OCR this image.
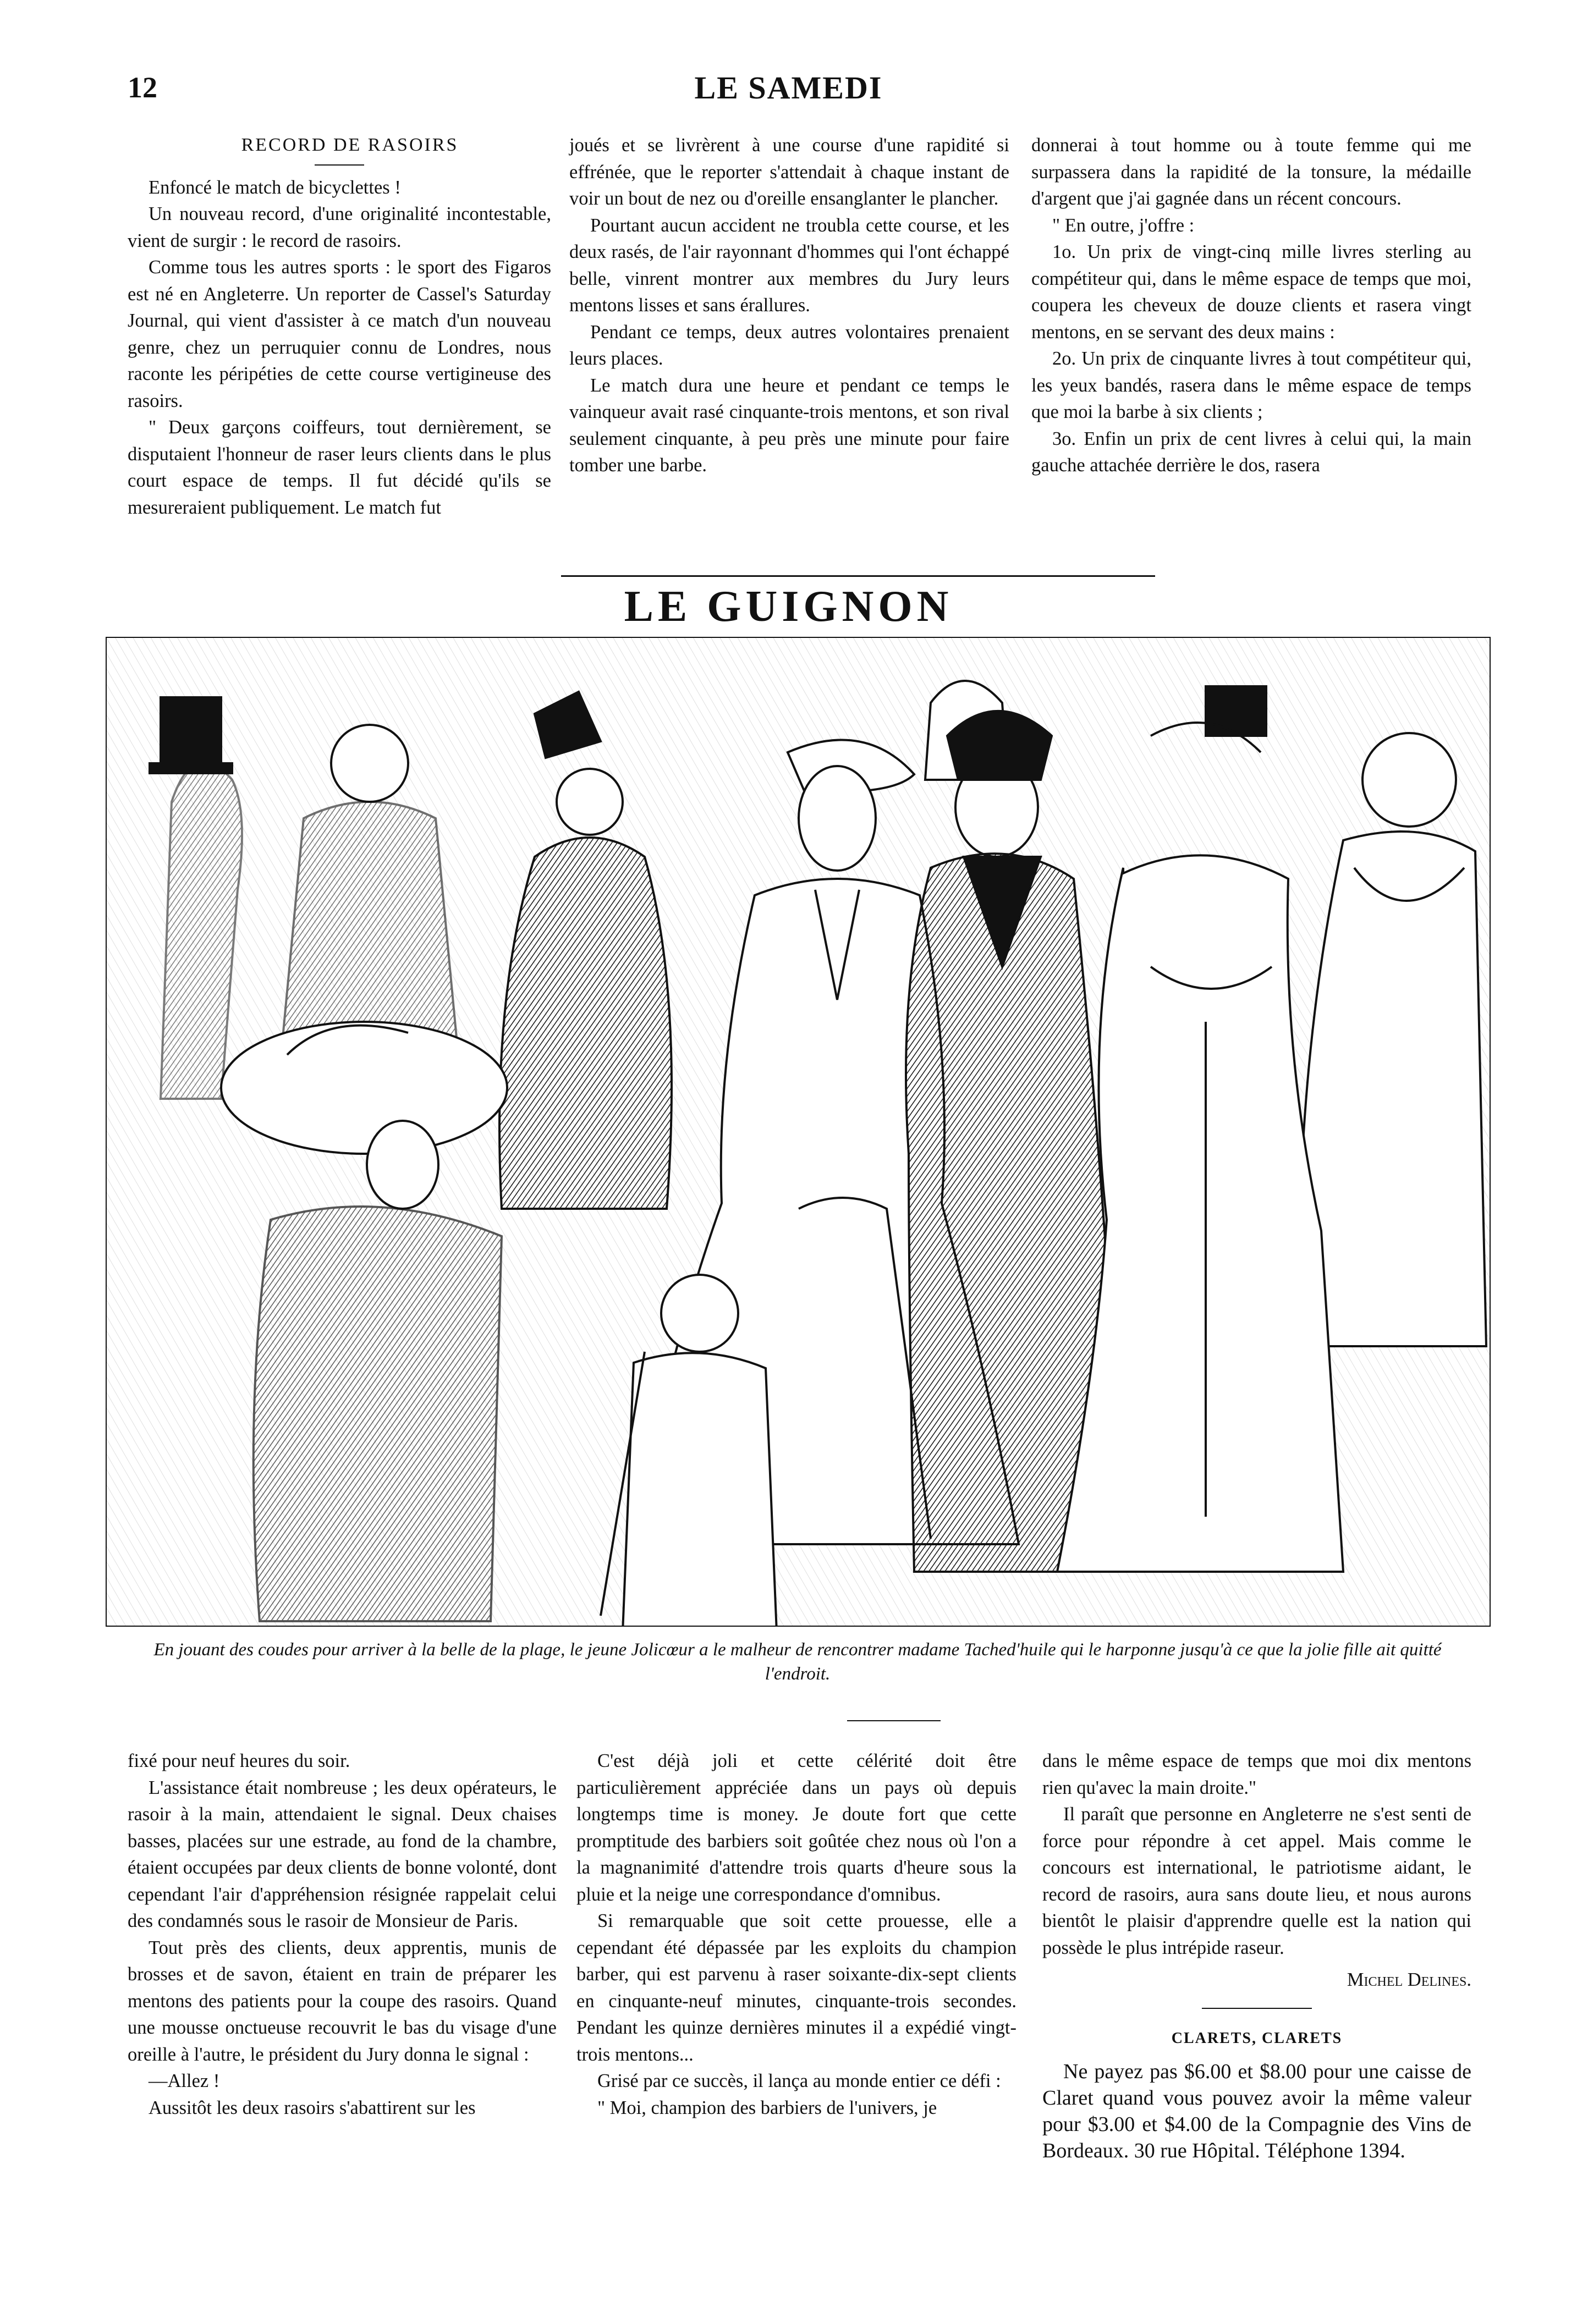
12	LE SAMEDI

RECORD DE RASOIRS

Enfoncé le match de bicyclettes !

Un nouveau record, d'une originalité incontestable, vient de surgir : le record de rasoirs.

Comme tous les autres sports : le sport des Figaros est né en Angleterre. Un reporter de Cassel's Saturday Journal, qui vient d'assister à ce match d'un nouveau genre, chez un perruquier connu de Londres, nous raconte les péripéties de cette course vertigineuse des rasoirs.

" Deux garçons coiffeurs, tout dernièrement, se disputaient l'honneur de raser leurs clients dans le plus court espace de temps. Il fut décidé qu'ils se mesureraient publiquement. Le match fut

joués et se livrèrent à une course d'une rapidité si effrénée, que le reporter s'attendait à chaque instant de voir un bout de nez ou d'oreille ensanglanter le plancher.

Pourtant aucun accident ne troubla cette course, et les deux rasés, de l'air rayonnant d'hommes qui l'ont échappé belle, vinrent montrer aux membres du Jury leurs mentons lisses et sans érallures.

Pendant ce temps, deux autres volontaires prenaient leurs places.

Le match dura une heure et pendant ce temps le vainqueur avait rasé cinquante-trois mentons, et son rival seulement cinquante, à peu près une minute pour faire tomber une barbe.

donnerai à tout homme ou à toute femme qui me surpassera dans la rapidité de la tonsure, la médaille d'argent que j'ai gagnée dans un récent concours.

" En outre, j'offre :

1o. Un prix de vingt-cinq mille livres sterling au compétiteur qui, dans le même espace de temps que moi, coupera les cheveux de douze clients et rasera vingt mentons, en se servant des deux mains :

2o. Un prix de cinquante livres à tout compétiteur qui, les yeux bandés, rasera dans le même espace de temps que moi la barbe à six clients ;

3o. Enfin un prix de cent livres à celui qui, la main gauche attachée derrière le dos, rasera

LE GUIGNON
En jouant des coudes pour arriver à la belle de la plage, le jeune Jolicœur a le malheur de rencontrer madame Tached'huile qui le harponne jusqu'à ce que la jolie fille ait quitté l'endroit.

fixé pour neuf heures du soir.

L'assistance était nombreuse ; les deux opérateurs, le rasoir à la main, attendaient le signal. Deux chaises basses, placées sur une estrade, au fond de la chambre, étaient occupées par deux clients de bonne volonté, dont cependant l'air d'appréhension résignée rappelait celui des condamnés sous le rasoir de Monsieur de Paris.

Tout près des clients, deux apprentis, munis de brosses et de savon, étaient en train de préparer les mentons des patients pour la coupe des rasoirs. Quand une mousse onctueuse recouvrit le bas du visage d'une oreille à l'autre, le président du Jury donna le signal :

—Allez !

Aussitôt les deux rasoirs s'abattirent sur les

C'est déjà joli et cette célérité doit être particulièrement appréciée dans un pays où depuis longtemps time is money. Je doute fort que cette promptitude des barbiers soit goûtée chez nous où l'on a la magnanimité d'attendre trois quarts d'heure sous la pluie et la neige une correspondance d'omnibus.

Si remarquable que soit cette prouesse, elle a cependant été dépassée par les exploits du champion barber, qui est parvenu à raser soixante-dix-sept clients en cinquante-neuf minutes, cinquante-trois secondes. Pendant les quinze dernières minutes il a expédié vingt-trois mentons...

Grisé par ce succès, il lança au monde entier ce défi :

" Moi, champion des barbiers de l'univers, je

dans le même espace de temps que moi dix mentons rien qu'avec la main droite."

Il paraît que personne en Angleterre ne s'est senti de force pour répondre à cet appel. Mais comme le concours est international, le patriotisme aidant, le record de rasoirs, aura sans doute lieu, et nous aurons bientôt le plaisir d'apprendre quelle est la nation qui possède le plus intrépide raseur.

Michel Delines.
CLARETS, CLARETS

Ne payez pas $6.00 et $8.00 pour une caisse de Claret quand vous pouvez avoir la même valeur pour $3.00 et $4.00 de la Compagnie des Vins de Bordeaux. 30 rue Hôpital. Téléphone 1394.
